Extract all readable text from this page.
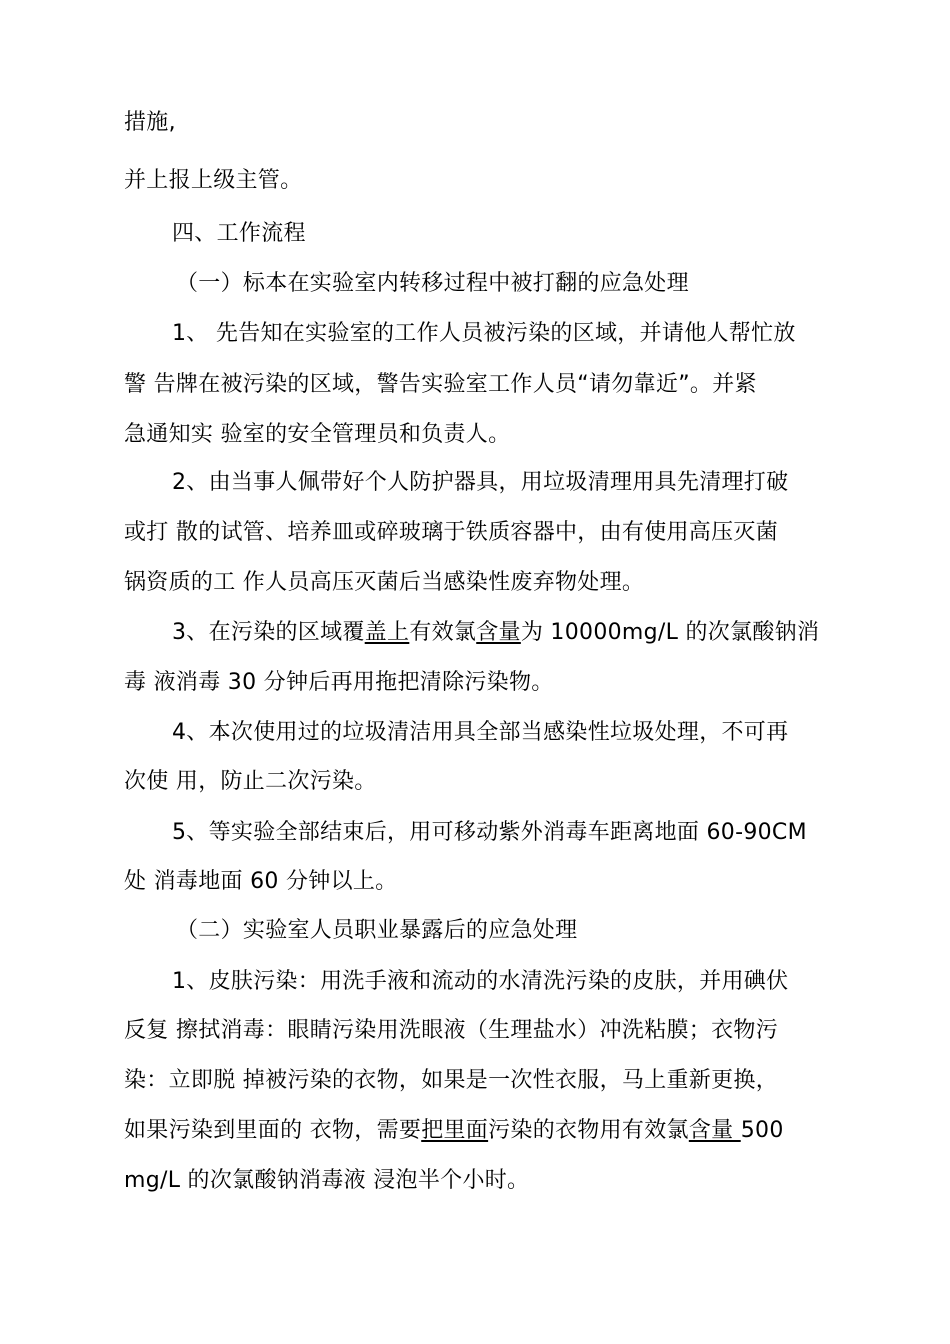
措施,
并上报上级主管。
四、工作流程
（一）标本在实验室内转移过程中被打翻的应急处理
1、 先告知在实验室的工作人员被污染的区域，并请他人帮忙放
警 告牌在被污染的区域，警告实验室工作人员“请勿靠近”。并紧
急通知实 验室的安全管理员和负责人。
2、由当事人佩带好个人防护器具，用垃圾清理用具先清理打破
或打 散的试管、培养皿或碎玻璃于铁质容器中，由有使用高压灭菌
锅资质的工 作人员高压灭菌后当感染性废弃物处理。
3、在污染的区域覆盖上有效氯含量为 10000mg/L 的次氯酸钠消
毒 液消毒 30 分钟后再用拖把清除污染物。
4、本次使用过的垃圾清洁用具全部当感染性垃圾处理，不可再
次使 用，防止二次污染。
5、等实验全部结束后，用可移动紫外消毒车距离地面 60-90CM
处 消毒地面 60 分钟以上。
（二）实验室人员职业暴露后的应急处理
1、皮肤污染：用洗手液和流动的水清洗污染的皮肤，并用碘伏
反复 擦拭消毒：眼睛污染用洗眼液（生理盐水）冲洗粘膜；衣物污
染：立即脱 掉被污染的衣物，如果是一次性衣服，马上重新更换，
如果污染到里面的 衣物，需要把里面污染的衣物用有效氯含量 500
mg/L 的次氯酸钠消毒液 浸泡半个小时。
